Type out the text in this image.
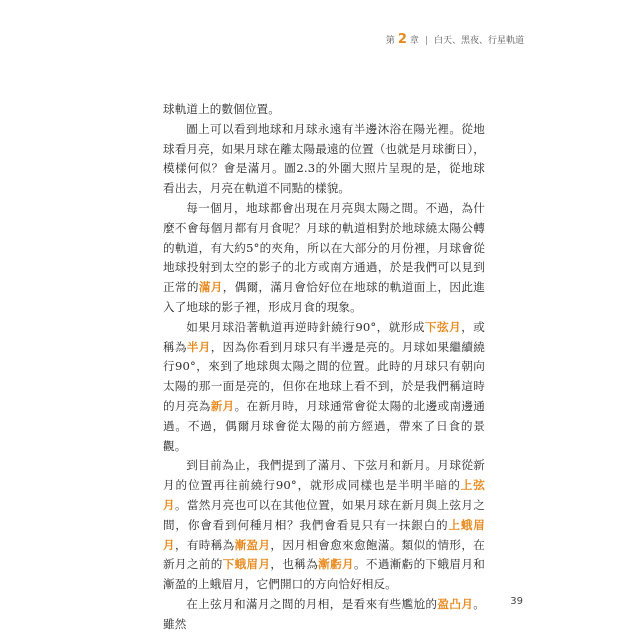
第 2 章 | 白天、黑夜、行星軌道

球軌道上的數個位置。

圖上可以看到地球和月球永遠有半邊沐浴在陽光裡。從地球看月亮，如果月球在離太陽最遠的位置（也就是月球衝日），模樣何似？會是滿月。圖2.3的外圍大照片呈現的是，從地球看出去，月亮在軌道不同點的樣貌。

每一個月，地球都會出現在月亮與太陽之間。不過，為什麼不會每個月都有月食呢？月球的軌道相對於地球繞太陽公轉的軌道，有大約5°的夾角，所以在大部分的月份裡，月球會從地球投射到太空的影子的北方或南方通過，於是我們可以見到正常的滿月，偶爾，滿月會恰好位在地球的軌道面上，因此進入了地球的影子裡，形成月食的現象。

如果月球沿著軌道再逆時針繞行90°，就形成下弦月，或稱為半月，因為你看到月球只有半邊是亮的。月球如果繼續繞行90°，來到了地球與太陽之間的位置。此時的月球只有朝向太陽的那一面是亮的，但你在地球上看不到，於是我們稱這時的月亮為新月。在新月時，月球通常會從太陽的北邊或南邊通過。不過，偶爾月球會從太陽的前方經過，帶來了日食的景觀。

到目前為止，我們提到了滿月、下弦月和新月。月球從新月的位置再往前繞行90°，就形成同樣也是半明半暗的上弦月。當然月亮也可以在其他位置，如果月球在新月與上弦月之間，你會看到何種月相？我們會看見只有一抹銀白的上蛾眉月，有時稱為漸盈月，因月相會愈來愈飽滿。類似的情形，在新月之前的下蛾眉月，也稱為漸虧月。不過漸虧的下蛾眉月和漸盈的上蛾眉月，它們開口的方向恰好相反。

在上弦月和滿月之間的月相，是看來有些尷尬的盈凸月。雖然

39
